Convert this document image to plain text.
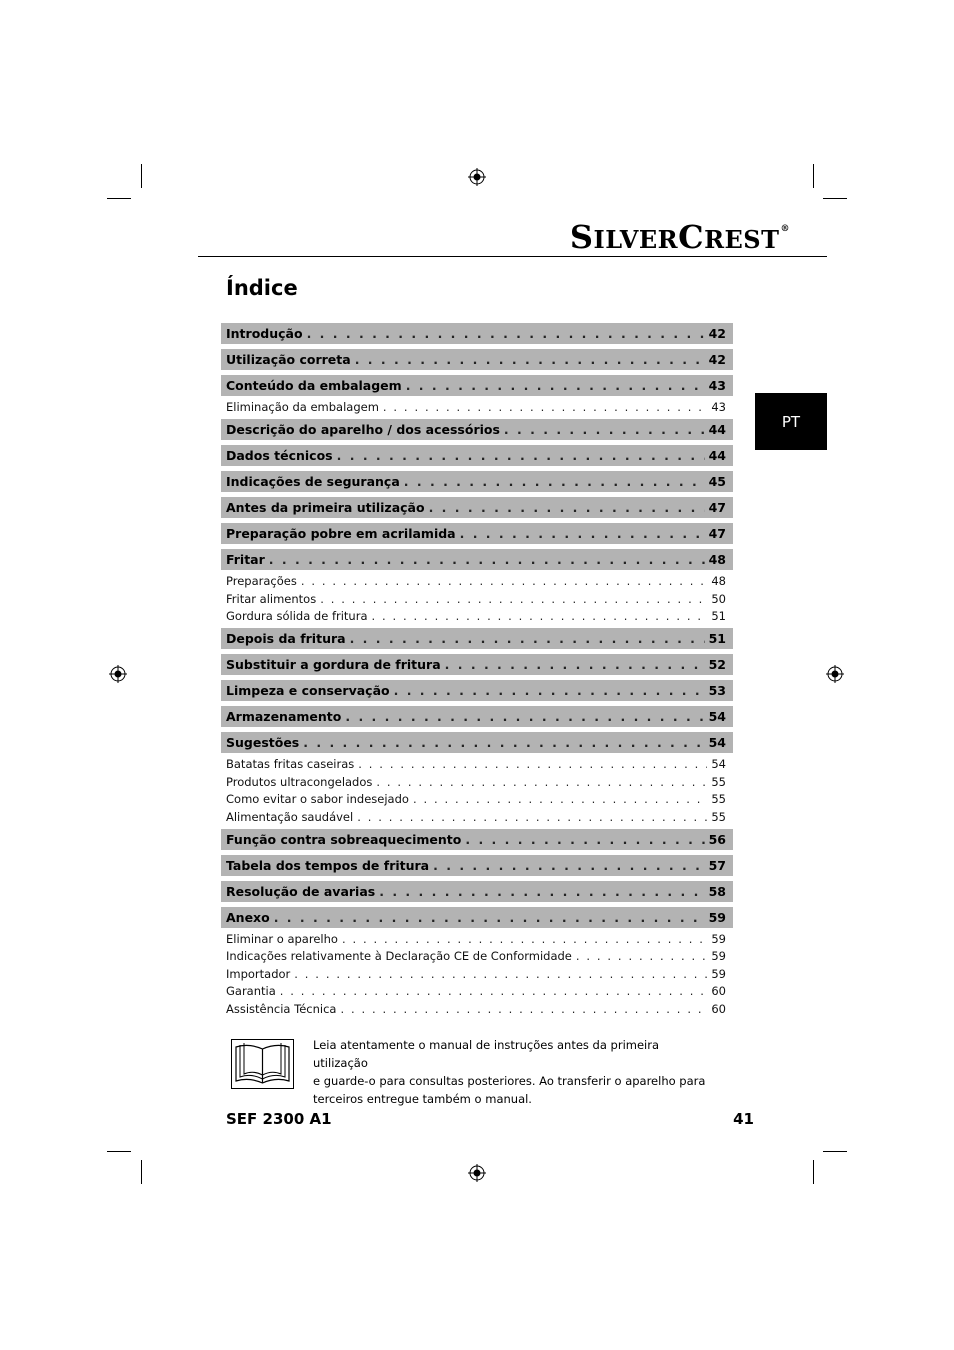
SILVERCREST®
Índice
PT
Introdução . . .	42
Utilização correta . . .	42
Conteúdo da embalagem . . .	43
Eliminação da embalagem . . .	43
Descrição do aparelho / dos acessórios . . .	44
Dados técnicos . . .	44
Indicações de segurança . . .	45
Antes da primeira utilização . . .	47
Preparação pobre em acrilamida . . .	47
Fritar . . .	48
Preparações . . .	48
Fritar alimentos . . .	50
Gordura sólida de fritura . . .	51
Depois da fritura . . .	51
Substituir a gordura de fritura . . .	52
Limpeza e conservação . . .	53
Armazenamento . . .	54
Sugestões . . .	54
Batatas fritas caseiras . . .	54
Produtos ultracongelados . . .	55
Como evitar o sabor indesejado . . .	55
Alimentação saudável . . .	55
Função contra sobreaquecimento . . .	56
Tabela dos tempos de fritura . . .	57
Resolução de avarias . . .	58
Anexo . . .	59
Eliminar o aparelho . . .	59
Indicações relativamente à Declaração CE de Conformidade . . .	59
Importador . . .	59
Garantia . . .	60
Assistência Técnica . . .	60
Leia atentamente o manual de instruções antes da primeira utilização
e guarde-o para consultas posteriores. Ao transferir o aparelho para
terceiros entregue também o manual.
SEF 2300 A1	41
